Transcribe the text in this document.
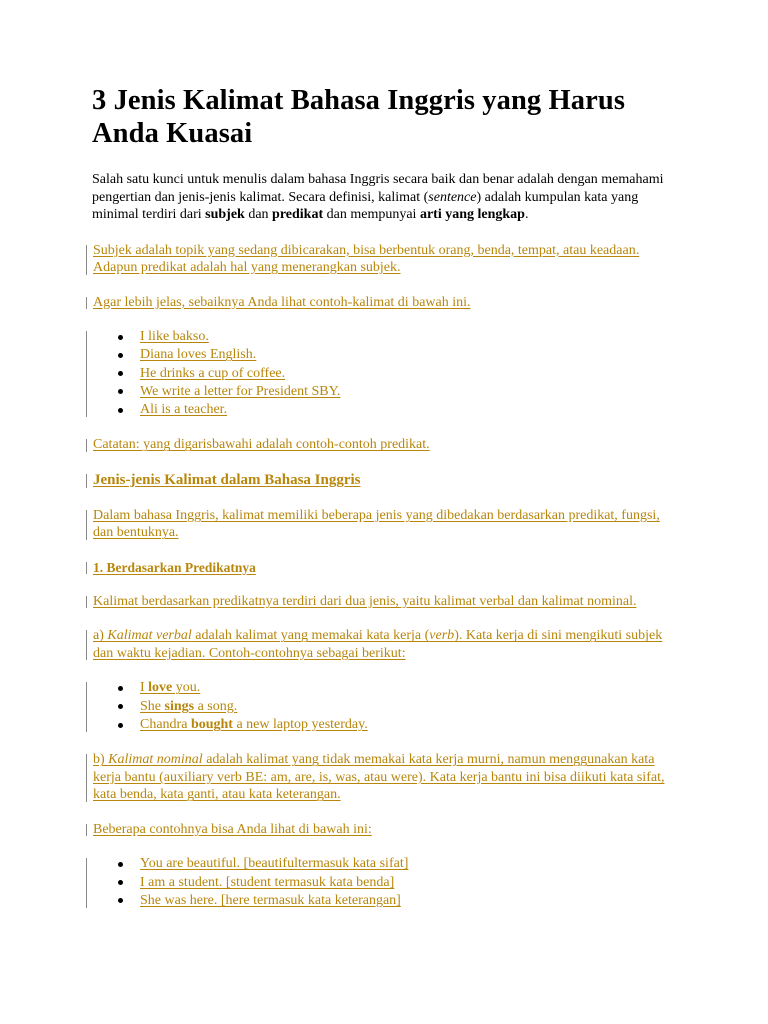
3 Jenis Kalimat Bahasa Inggris yang Harus Anda Kuasai

Salah satu kunci untuk menulis dalam bahasa Inggris secara baik dan benar adalah dengan memahami pengertian dan jenis-jenis kalimat. Secara definisi, kalimat (sentence) adalah kumpulan kata yang minimal terdiri dari subjek dan predikat dan mempunyai arti yang lengkap.

Subjek adalah topik yang sedang dibicarakan, bisa berbentuk orang, benda, tempat, atau keadaan. Adapun predikat adalah hal yang menerangkan subjek.

Agar lebih jelas, sebaiknya Anda lihat contoh-kalimat di bawah ini.

I like bakso.
Diana loves English.
He drinks a cup of coffee.
We write a letter for President SBY.
Ali is a teacher.

Catatan: yang digarisbawahi adalah contoh-contoh predikat.

Jenis-jenis Kalimat dalam Bahasa Inggris

Dalam bahasa Inggris, kalimat memiliki beberapa jenis yang dibedakan berdasarkan predikat, fungsi, dan bentuknya.

1. Berdasarkan Predikatnya

Kalimat berdasarkan predikatnya terdiri dari dua jenis, yaitu kalimat verbal dan kalimat nominal.

a) Kalimat verbal adalah kalimat yang memakai kata kerja (verb). Kata kerja di sini mengikuti subjek dan waktu kejadian. Contoh-contohnya sebagai berikut:

I love you.
She sings a song.
Chandra bought a new laptop yesterday.

b) Kalimat nominal adalah kalimat yang tidak memakai kata kerja murni, namun menggunakan kata kerja bantu (auxiliary verb BE: am, are, is, was, atau were). Kata kerja bantu ini bisa diikuti kata sifat, kata benda, kata ganti, atau kata keterangan.

Beberapa contohnya bisa Anda lihat di bawah ini:

You are beautiful. [beautifultermasuk kata sifat]
I am a student. [student termasuk kata benda]
She was here. [here termasuk kata keterangan]
